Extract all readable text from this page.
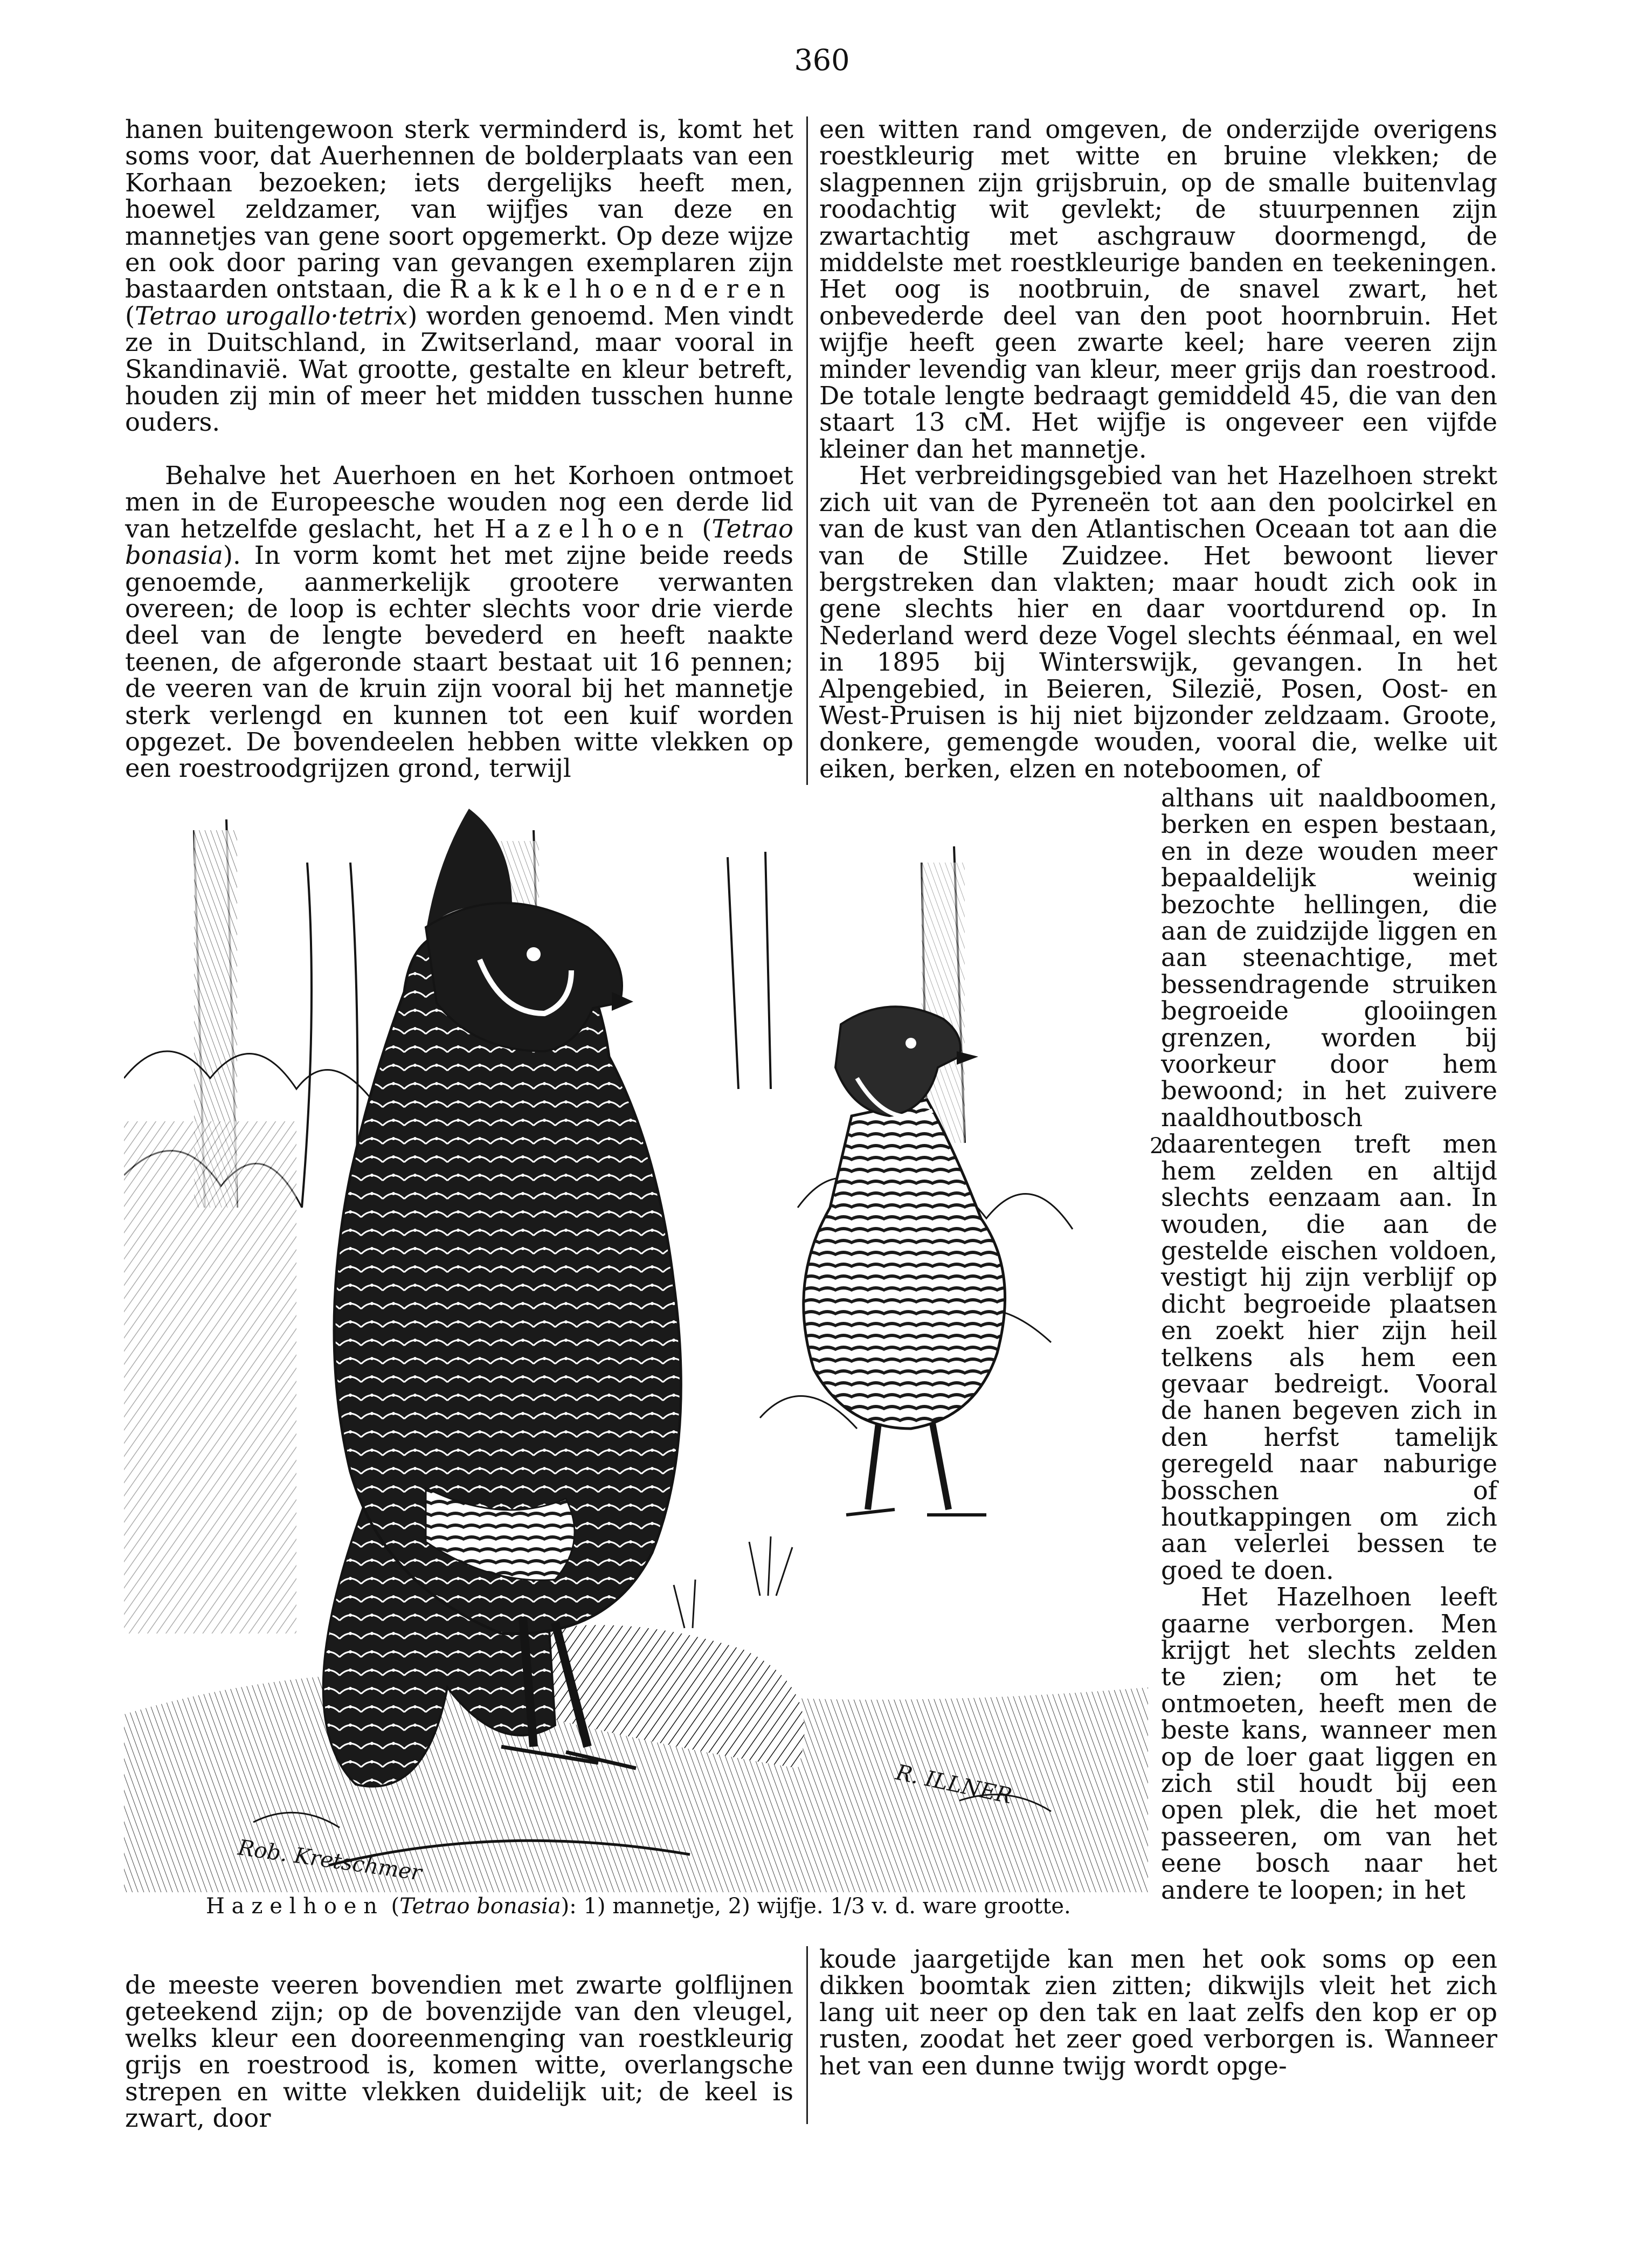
360

hanen buitengewoon sterk verminderd is, komt het soms voor, dat Auerhennen de bolderplaats van een Korhaan bezoeken; iets dergelijks heeft men, hoewel zeldzamer, van wijfjes van deze en mannetjes van gene soort opgemerkt. Op deze wijze en ook door paring van gevangen exemplaren zijn bastaarden ontstaan, die Rakkelhoenderen (Tetrao urogallo·tetrix) worden genoemd. Men vindt ze in Duitschland, in Zwitserland, maar vooral in Skandinavië. Wat grootte, gestalte en kleur betreft, houden zij min of meer het midden tusschen hunne ouders.

Behalve het Auerhoen en het Korhoen ontmoet men in de Europeesche wouden nog een derde lid van hetzelfde geslacht, het Hazelhoen (Tetrao bonasia). In vorm komt het met zijne beide reeds genoemde, aanmerkelijk grootere verwanten overeen; de loop is echter slechts voor drie vierde deel van de lengte bevederd en heeft naakte teenen, de afgeronde staart bestaat uit 16 pennen; de veeren van de kruin zijn vooral bij het mannetje sterk verlengd en kunnen tot een kuif worden opgezet. De bovendeelen hebben witte vlekken op een roestroodgrijzen grond, terwijl

een witten rand omgeven, de onderzijde overigens roestkleurig met witte en bruine vlekken; de slagpennen zijn grijsbruin, op de smalle buitenvlag roodachtig wit gevlekt; de stuurpennen zijn zwartachtig met aschgrauw doormengd, de middelste met roestkleurige banden en teekeningen. Het oog is nootbruin, de snavel zwart, het onbevederde deel van den poot hoornbruin. Het wijfje heeft geen zwarte keel; hare veeren zijn minder levendig van kleur, meer grijs dan roestrood. De totale lengte bedraagt gemiddeld 45, die van den staart 13 cM. Het wijfje is ongeveer een vijfde kleiner dan het mannetje.

Het verbreidingsgebied van het Hazelhoen strekt zich uit van de Pyreneën tot aan den poolcirkel en van de kust van den Atlantischen Oceaan tot aan die van de Stille Zuidzee. Het bewoont liever bergstreken dan vlakten; maar houdt zich ook in gene slechts hier en daar voortdurend op. In Nederland werd deze Vogel slechts éénmaal, en wel in 1895 bij Winterswijk, gevangen. In het Alpengebied, in Beieren, Silezië, Posen, Oost- en West-Pruisen is hij niet bijzonder zeldzaam. Groote, donkere, gemengde wouden, vooral die, welke uit eiken, berken, elzen en noteboomen, of

althans uit naaldboomen, berken en espen bestaan, en in deze wouden meer bepaaldelijk weinig bezochte hellingen, die aan de zuidzijde liggen en aan steenachtige, met bessendragende struiken begroeide glooiingen grenzen, worden bij voorkeur door hem bewoond; in het zuivere naaldhoutbosch daarentegen treft men hem zelden en altijd slechts eenzaam aan. In wouden, die aan de gestelde eischen voldoen, vestigt hij zijn verblijf op dicht begroeide plaatsen en zoekt hier zijn heil telkens als hem een gevaar bedreigt. Vooral de hanen begeven zich in den herfst tamelijk geregeld naar naburige bosschen of houtkappingen om zich aan velerlei bessen te goed te doen.

Het Hazelhoen leeft gaarne verborgen. Men krijgt het slechts zelden te zien; om het te ontmoeten, heeft men de beste kans, wanneer men op de loer gaat liggen en zich stil houdt bij een open plek, die het moet passeeren, om van het eene bosch naar het andere te loopen; in het

Rob. Kretschmer
R. ILLNER
2
Hazelhoen (Tetrao bonasia): 1) mannetje, 2) wijfje. 1/3 v. d. ware grootte.

de meeste veeren bovendien met zwarte golflijnen geteekend zijn; op de bovenzijde van den vleugel, welks kleur een dooreenmenging van roestkleurig grijs en roestrood is, komen witte, overlangsche strepen en witte vlekken duidelijk uit; de keel is zwart, door

koude jaargetijde kan men het ook soms op een dikken boomtak zien zitten; dikwijls vleit het zich lang uit neer op den tak en laat zelfs den kop er op rusten, zoodat het zeer goed verborgen is. Wanneer het van een dunne twijg wordt opge-
